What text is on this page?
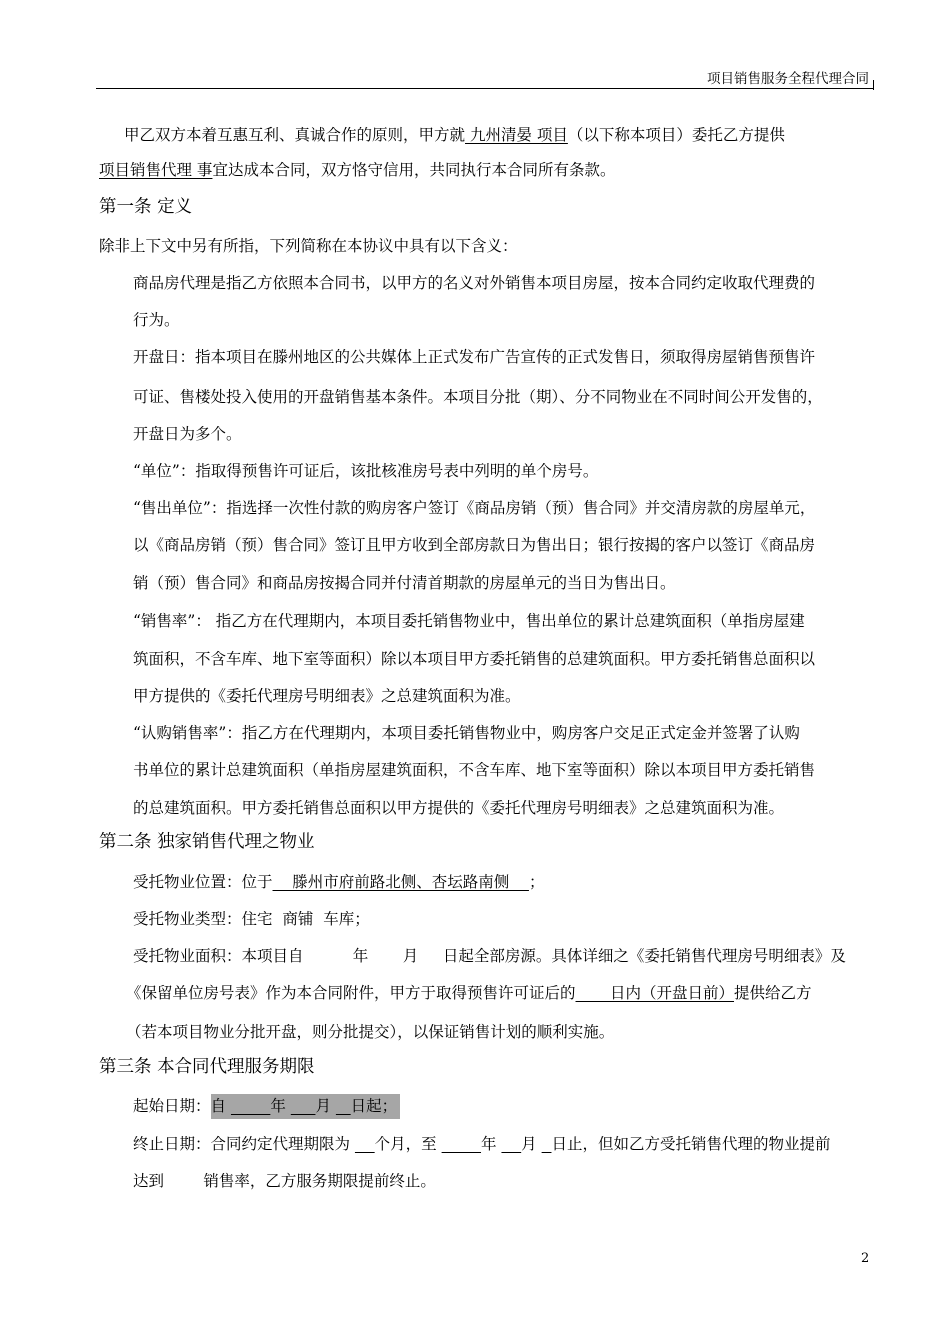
项目销售服务全程代理合同
甲乙双方本着互惠互利、真诚合作的原则，甲方就 九州清晏 项目（以下称本项目）委托乙方提供
项目销售代理 事宜达成本合同，双方恪守信用，共同执行本合同所有条款。
第一条 定义
除非上下文中另有所指，下列简称在本协议中具有以下含义：
商品房代理是指乙方依照本合同书，以甲方的名义对外销售本项目房屋，按本合同约定收取代理费的
行为。
开盘日：指本项目在滕州地区的公共媒体上正式发布广告宣传的正式发售日，须取得房屋销售预售许
可证、售楼处投入使用的开盘销售基本条件。本项目分批（期）、分不同物业在不同时间公开发售的，
开盘日为多个。
“单位”：指取得预售许可证后，该批核准房号表中列明的单个房号。
“售出单位”：指选择一次性付款的购房客户签订《商品房销（预）售合同》并交清房款的房屋单元，
以《商品房销（预）售合同》签订且甲方收到全部房款日为售出日；银行按揭的客户以签订《商品房
销（预）售合同》和商品房按揭合同并付清首期款的房屋单元的当日为售出日。
“销售率”： 指乙方在代理期内，本项目委托销售物业中，售出单位的累计总建筑面积（单指房屋建
筑面积，不含车库、地下室等面积）除以本项目甲方委托销售的总建筑面积。甲方委托销售总面积以
甲方提供的《委托代理房号明细表》之总建筑面积为准。
“认购销售率”：指乙方在代理期内，本项目委托销售物业中，购房客户交足正式定金并签署了认购
书单位的累计总建筑面积（单指房屋建筑面积，不含车库、地下室等面积）除以本项目甲方委托销售
的总建筑面积。甲方委托销售总面积以甲方提供的《委托代理房号明细表》之总建筑面积为准。
第二条 独家销售代理之物业
受托物业位置：位于    滕州市府前路北侧、杏坛路南侧    ；
受托物业类型：住宅  商铺  车库；
受托物业面积：本项目自          年       月     日起全部房源。具体详细之《委托销售代理房号明细表》及
《保留单位房号表》作为本合同附件，甲方于取得预售许可证后的       日内（开盘日前）提供给乙方
（若本项目物业分批开盘，则分批提交），以保证销售计划的顺利实施。
第三条 本合同代理服务期限
起始日期：自	年      月    日起；
终止日期：合同约定代理期限为     个月，至	年     月   日止，但如乙方受托销售代理的物业提前
达到        销售率，乙方服务期限提前终止。
2
